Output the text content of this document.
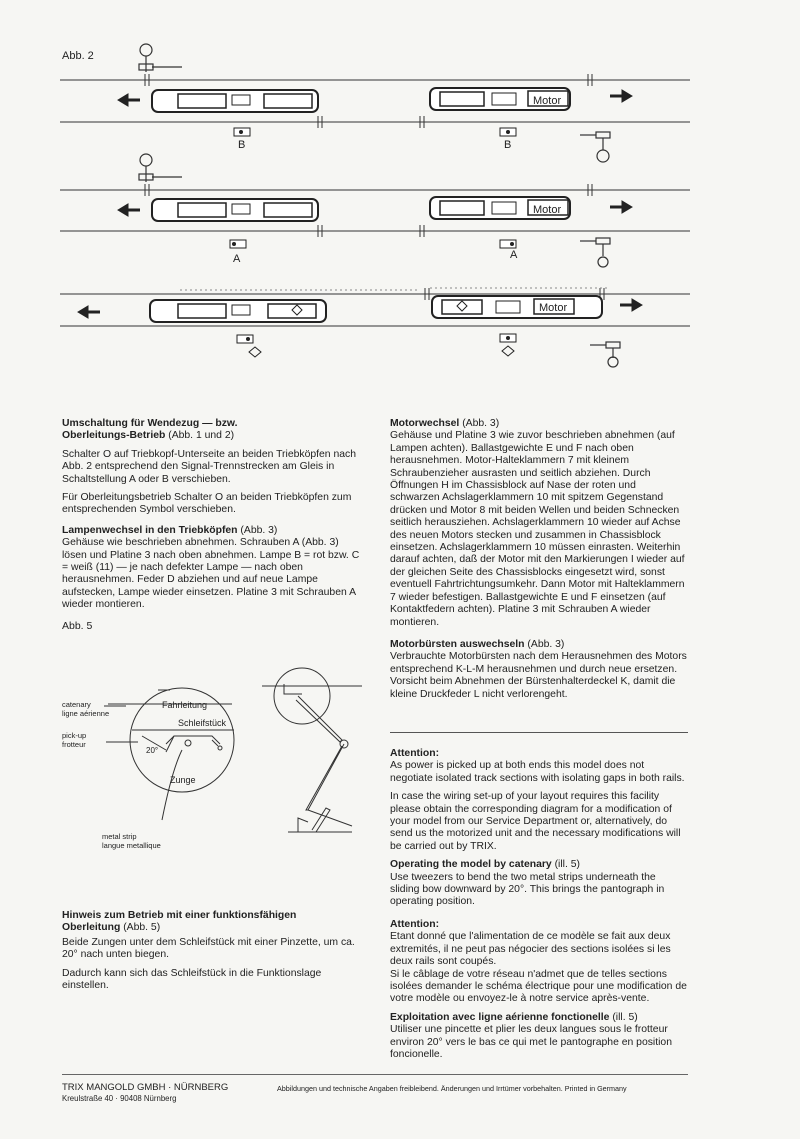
Abb. 2
Motor
Motor
Motor
B	B
A	A
Umschaltung für Wendezug — bzw.
Oberleitungs-Betrieb (Abb. 1 und 2)

Schalter O auf Triebkopf-Unterseite an beiden Triebköpfen nach Abb. 2 entsprechend den Signal-Trennstrecken am Gleis in Schaltstellung A oder B verschieben.

Für Oberleitungsbetrieb Schalter O an beiden Triebköpfen zum entsprechenden Symbol verschieben.

Lampenwechsel in den Triebköpfen (Abb. 3)

Gehäuse wie beschrieben abnehmen. Schrauben A (Abb. 3) lösen und Platine 3 nach oben abnehmen. Lampe B = rot bzw. C = weiß (11) — je nach defekter Lampe — nach oben herausnehmen. Feder D abziehen und auf neue Lampe aufstecken, Lampe wieder einsetzen. Platine 3 mit Schrauben A wieder montieren.

Abb. 5
Fahrleitung
Schleifstück
20°
Zunge
catenary
ligne aérienne
pick-up
frotteur
metal strip
langue metallique
Hinweis zum Betrieb mit einer funktionsfähigen
Oberleitung (Abb. 5)

Beide Zungen unter dem Schleifstück mit einer Pinzette, um ca. 20° nach unten biegen.

Dadurch kann sich das Schleifstück in die Funktionslage einstellen.

Motorwechsel (Abb. 3)

Gehäuse und Platine 3 wie zuvor beschrieben abnehmen (auf Lampen achten). Ballastgewichte E und F nach oben herausnehmen. Motor-Halteklammern 7 mit kleinem Schraubenzieher ausrasten und seitlich abziehen. Durch Öffnungen H im Chassisblock auf Nase der roten und schwarzen Achslagerklammern 10 mit spitzem Gegenstand drücken und Motor 8 mit beiden Wellen und beiden Schnecken seitlich herausziehen. Achslagerklammern 10 wieder auf Achse des neuen Motors stecken und zusammen in Chassisblock einsetzen. Achslagerklammern 10 müssen einrasten. Weiterhin darauf achten, daß der Motor mit den Markierungen I wieder auf der gleichen Seite des Chassisblocks eingesetzt wird, sonst eventuell Fahrtrichtungsumkehr. Dann Motor mit Halteklammern 7 wieder befestigen. Ballastgewichte E und F einsetzen (auf Kontaktfedern achten). Platine 3 mit Schrauben A wieder montieren.

Motorbürsten auswechseln (Abb. 3)

Verbrauchte Motorbürsten nach dem Herausnehmen des Motors entsprechend K-L-M herausnehmen und durch neue ersetzen. Vorsicht beim Abnehmen der Bürstenhalterdeckel K, damit die kleine Druckfeder L nicht verlorengeht.

Attention:

As power is picked up at both ends this model does not negotiate isolated track sections with isolating gaps in both rails.

In case the wiring set-up of your layout requires this facility please obtain the corresponding diagram for a modification of your model from our Service Department or, alternatively, do send us the motorized unit and the necessary modifications will be carried out by TRIX.

Operating the model by catenary (ill. 5)

Use tweezers to bend the two metal strips underneath the sliding bow downward by 20°. This brings the pantograph in operating position.

Attention:

Etant donné que l'alimentation de ce modèle se fait aux deux extremités, il ne peut pas négocier des sections isolées si les deux rails sont coupés.

Si le câblage de votre réseau n'admet que de telles sections isolées demander le schéma électrique pour une modification de votre modèle ou envoyez-le à notre service après-vente.

Exploitation avec ligne aérienne fonctionelle (ill. 5)

Utiliser une pincette et plier les deux langues sous le frotteur environ 20° vers le bas ce qui met le pantographe en position foncionelle.

TRIX MANGOLD GMBH · NÜRNBERG
Kreulstraße 40 · 90408 Nürnberg
Abbildungen und technische Angaben freibleibend. Änderungen und Irrtümer vorbehalten. Printed in Germany
